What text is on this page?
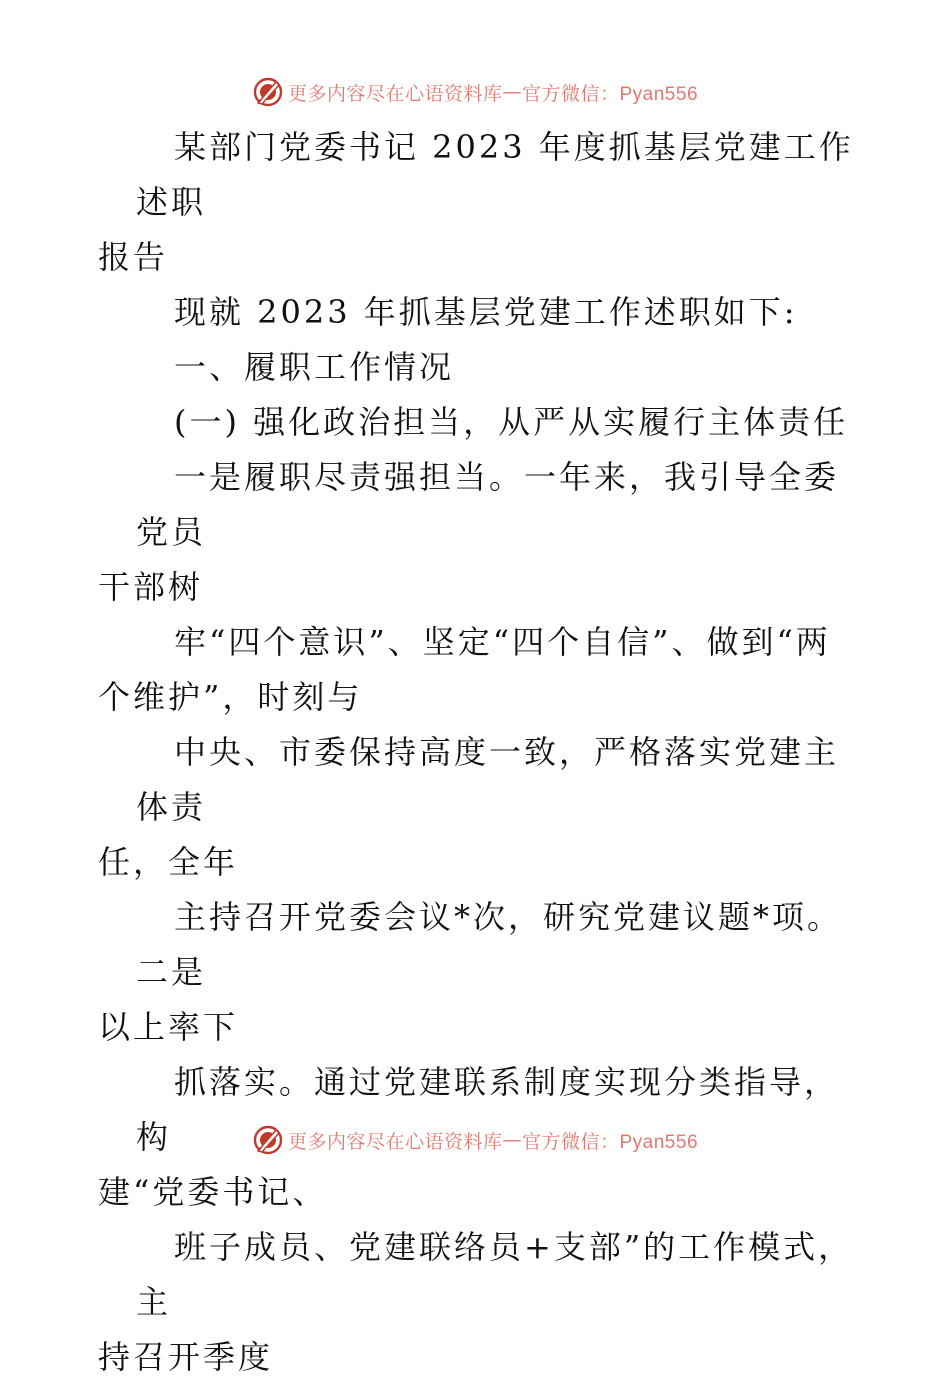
更多内容尽在心语资料库 — 官方微信：Pyan556
某部门党委书记 2023 年度抓基层党建工作述职
报告
现就 2023 年抓基层党建工作述职如下:
一、履职工作情况
(一) 强化政治担当，从严从实履行主体责任
一是履职尽责强担当。一年来，我引导全委党员
干部树
牢“四个意识”、坚定“四个自信”、做到“两
个维护”，时刻与
中央、市委保持高度一致，严格落实党建主体责
任，全年
主持召开党委会议*次，研究党建议题*项。二是
以上率下
抓落实。通过党建联系制度实现分类指导，构
建“党委书记、
班子成员、党建联络员+支部”的工作模式，主
持召开季度
更多内容尽在心语资料库 — 官方微信：Pyan556
